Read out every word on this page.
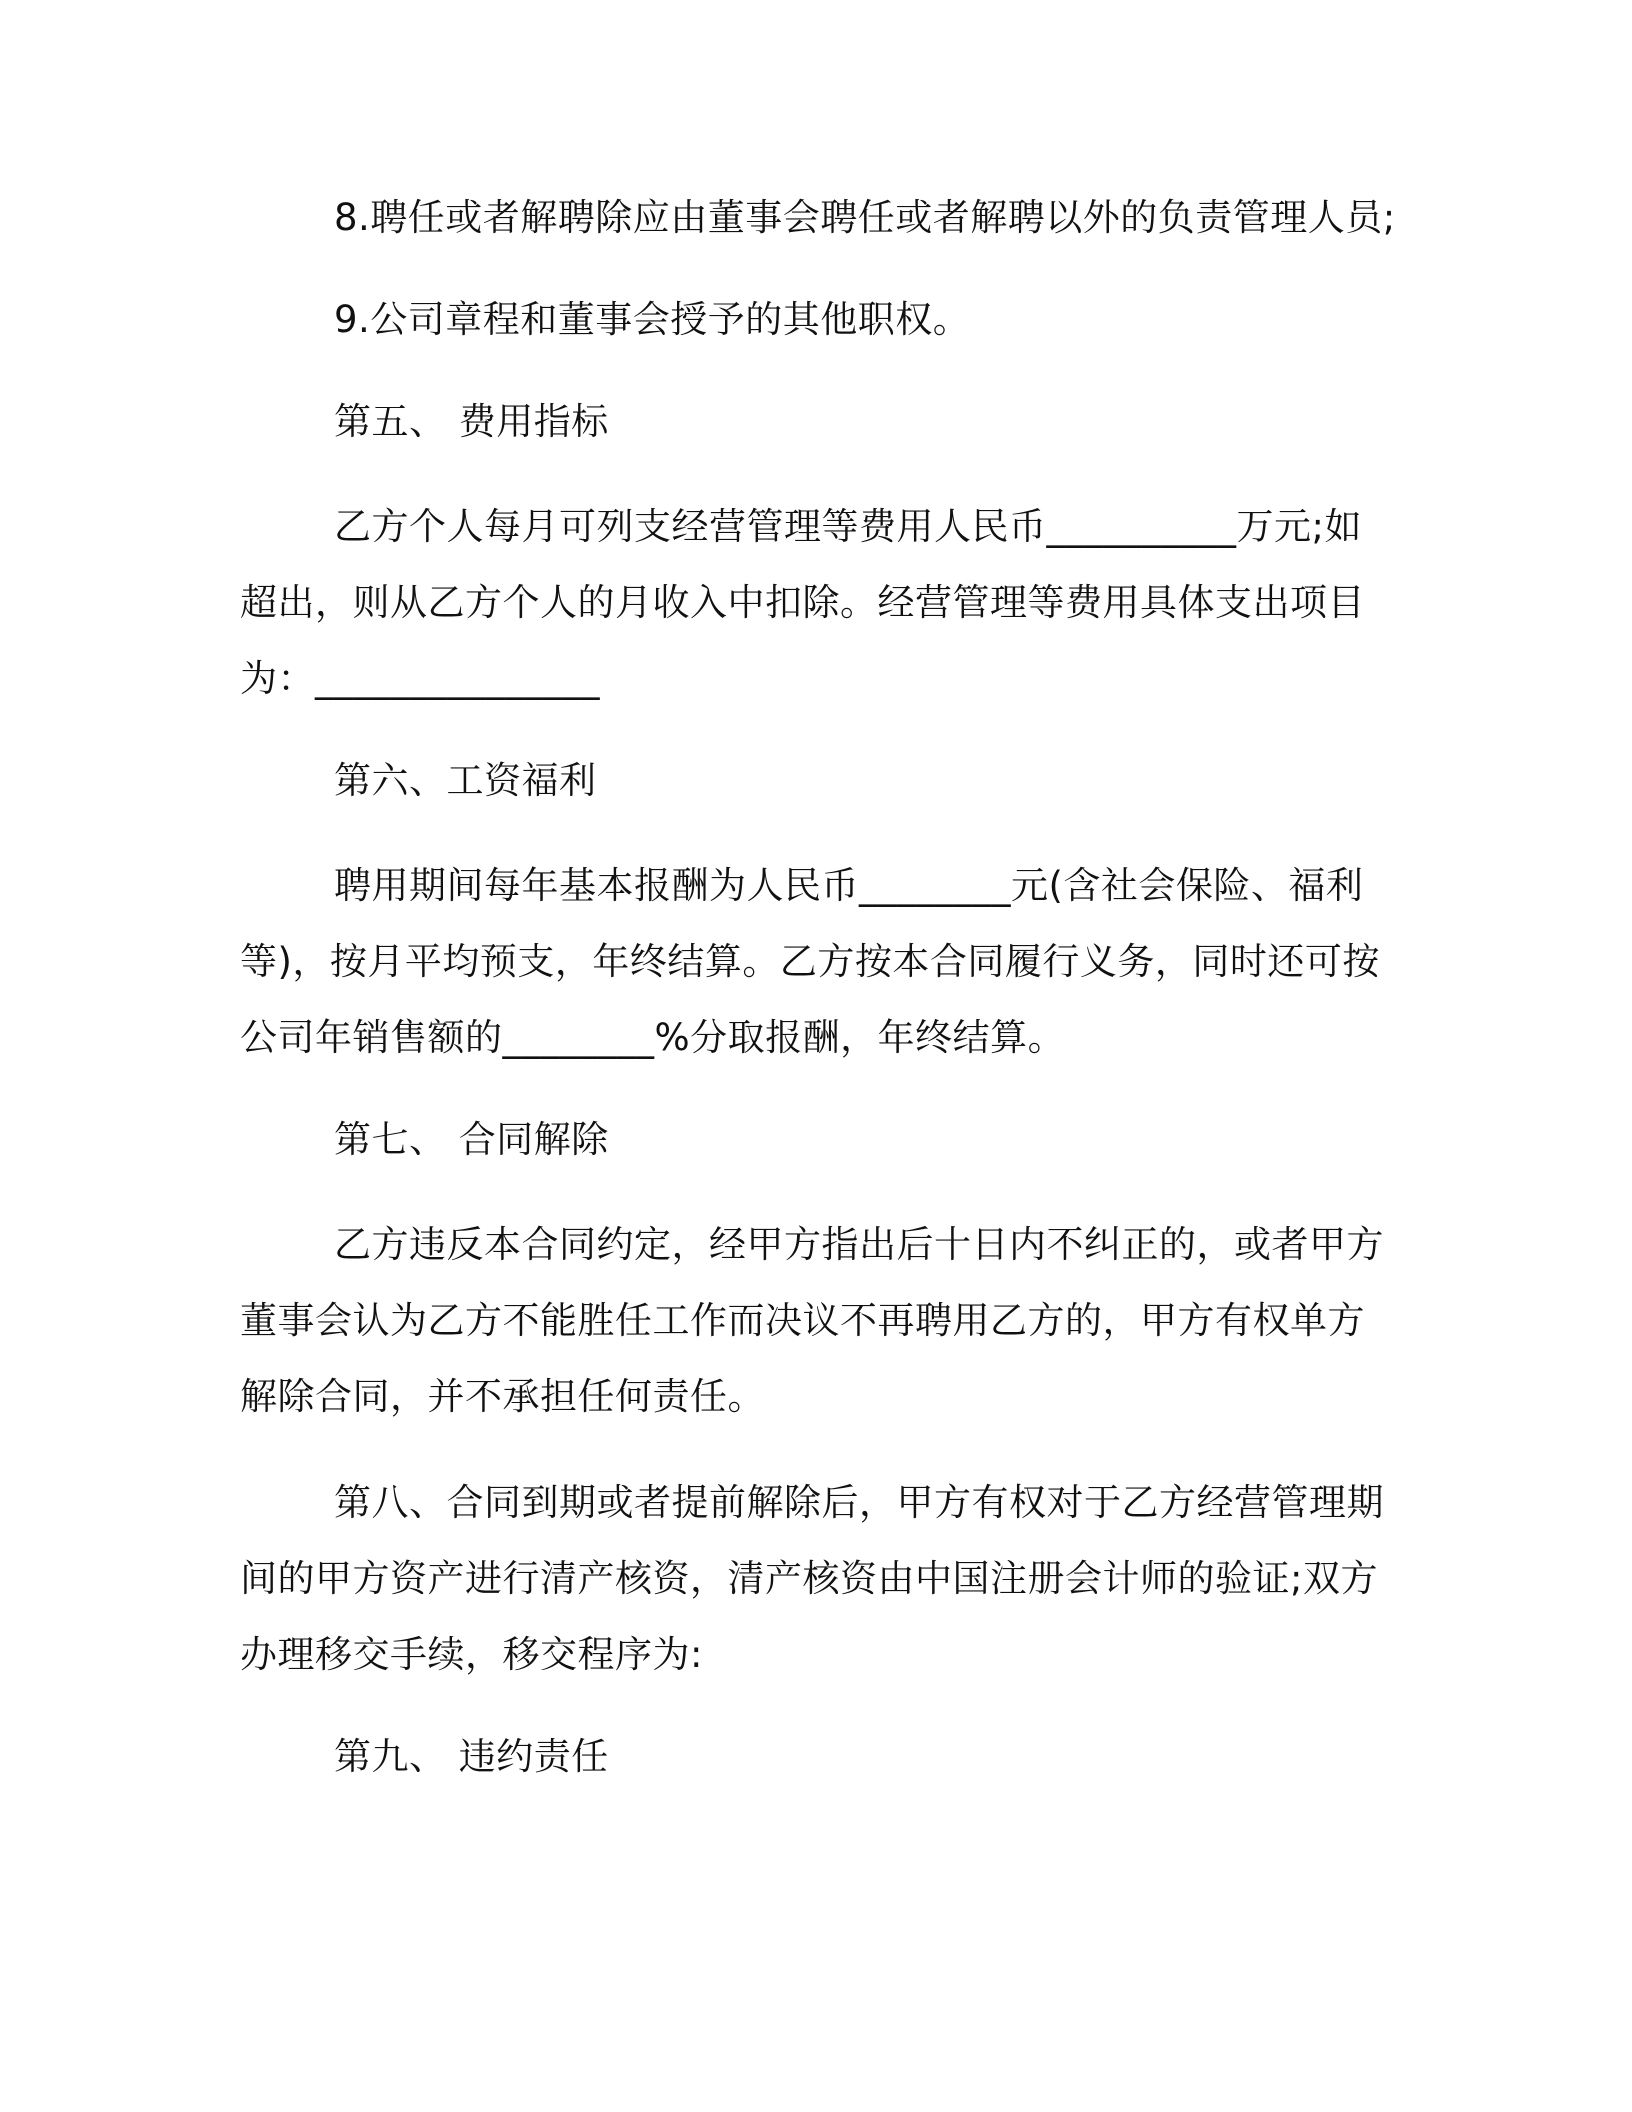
8.聘任或者解聘除应由董事会聘任或者解聘以外的负责管理人员;
9.公司章程和董事会授予的其他职权。
第五、 费用指标
乙方个人每月可列支经营管理等费用人民币__________万元;如
超出，则从乙方个人的月收入中扣除。经营管理等费用具体支出项目
为：_______________
第六、工资福利
聘用期间每年基本报酬为人民币________元(含社会保险、福利
等)，按月平均预支，年终结算。乙方按本合同履行义务，同时还可按
公司年销售额的________%分取报酬，年终结算。
第七、 合同解除
乙方违反本合同约定，经甲方指出后十日内不纠正的，或者甲方
董事会认为乙方不能胜任工作而决议不再聘用乙方的，甲方有权单方
解除合同，并不承担任何责任。
第八、合同到期或者提前解除后，甲方有权对于乙方经营管理期
间的甲方资产进行清产核资，清产核资由中国注册会计师的验证;双方
办理移交手续，移交程序为:
第九、 违约责任
